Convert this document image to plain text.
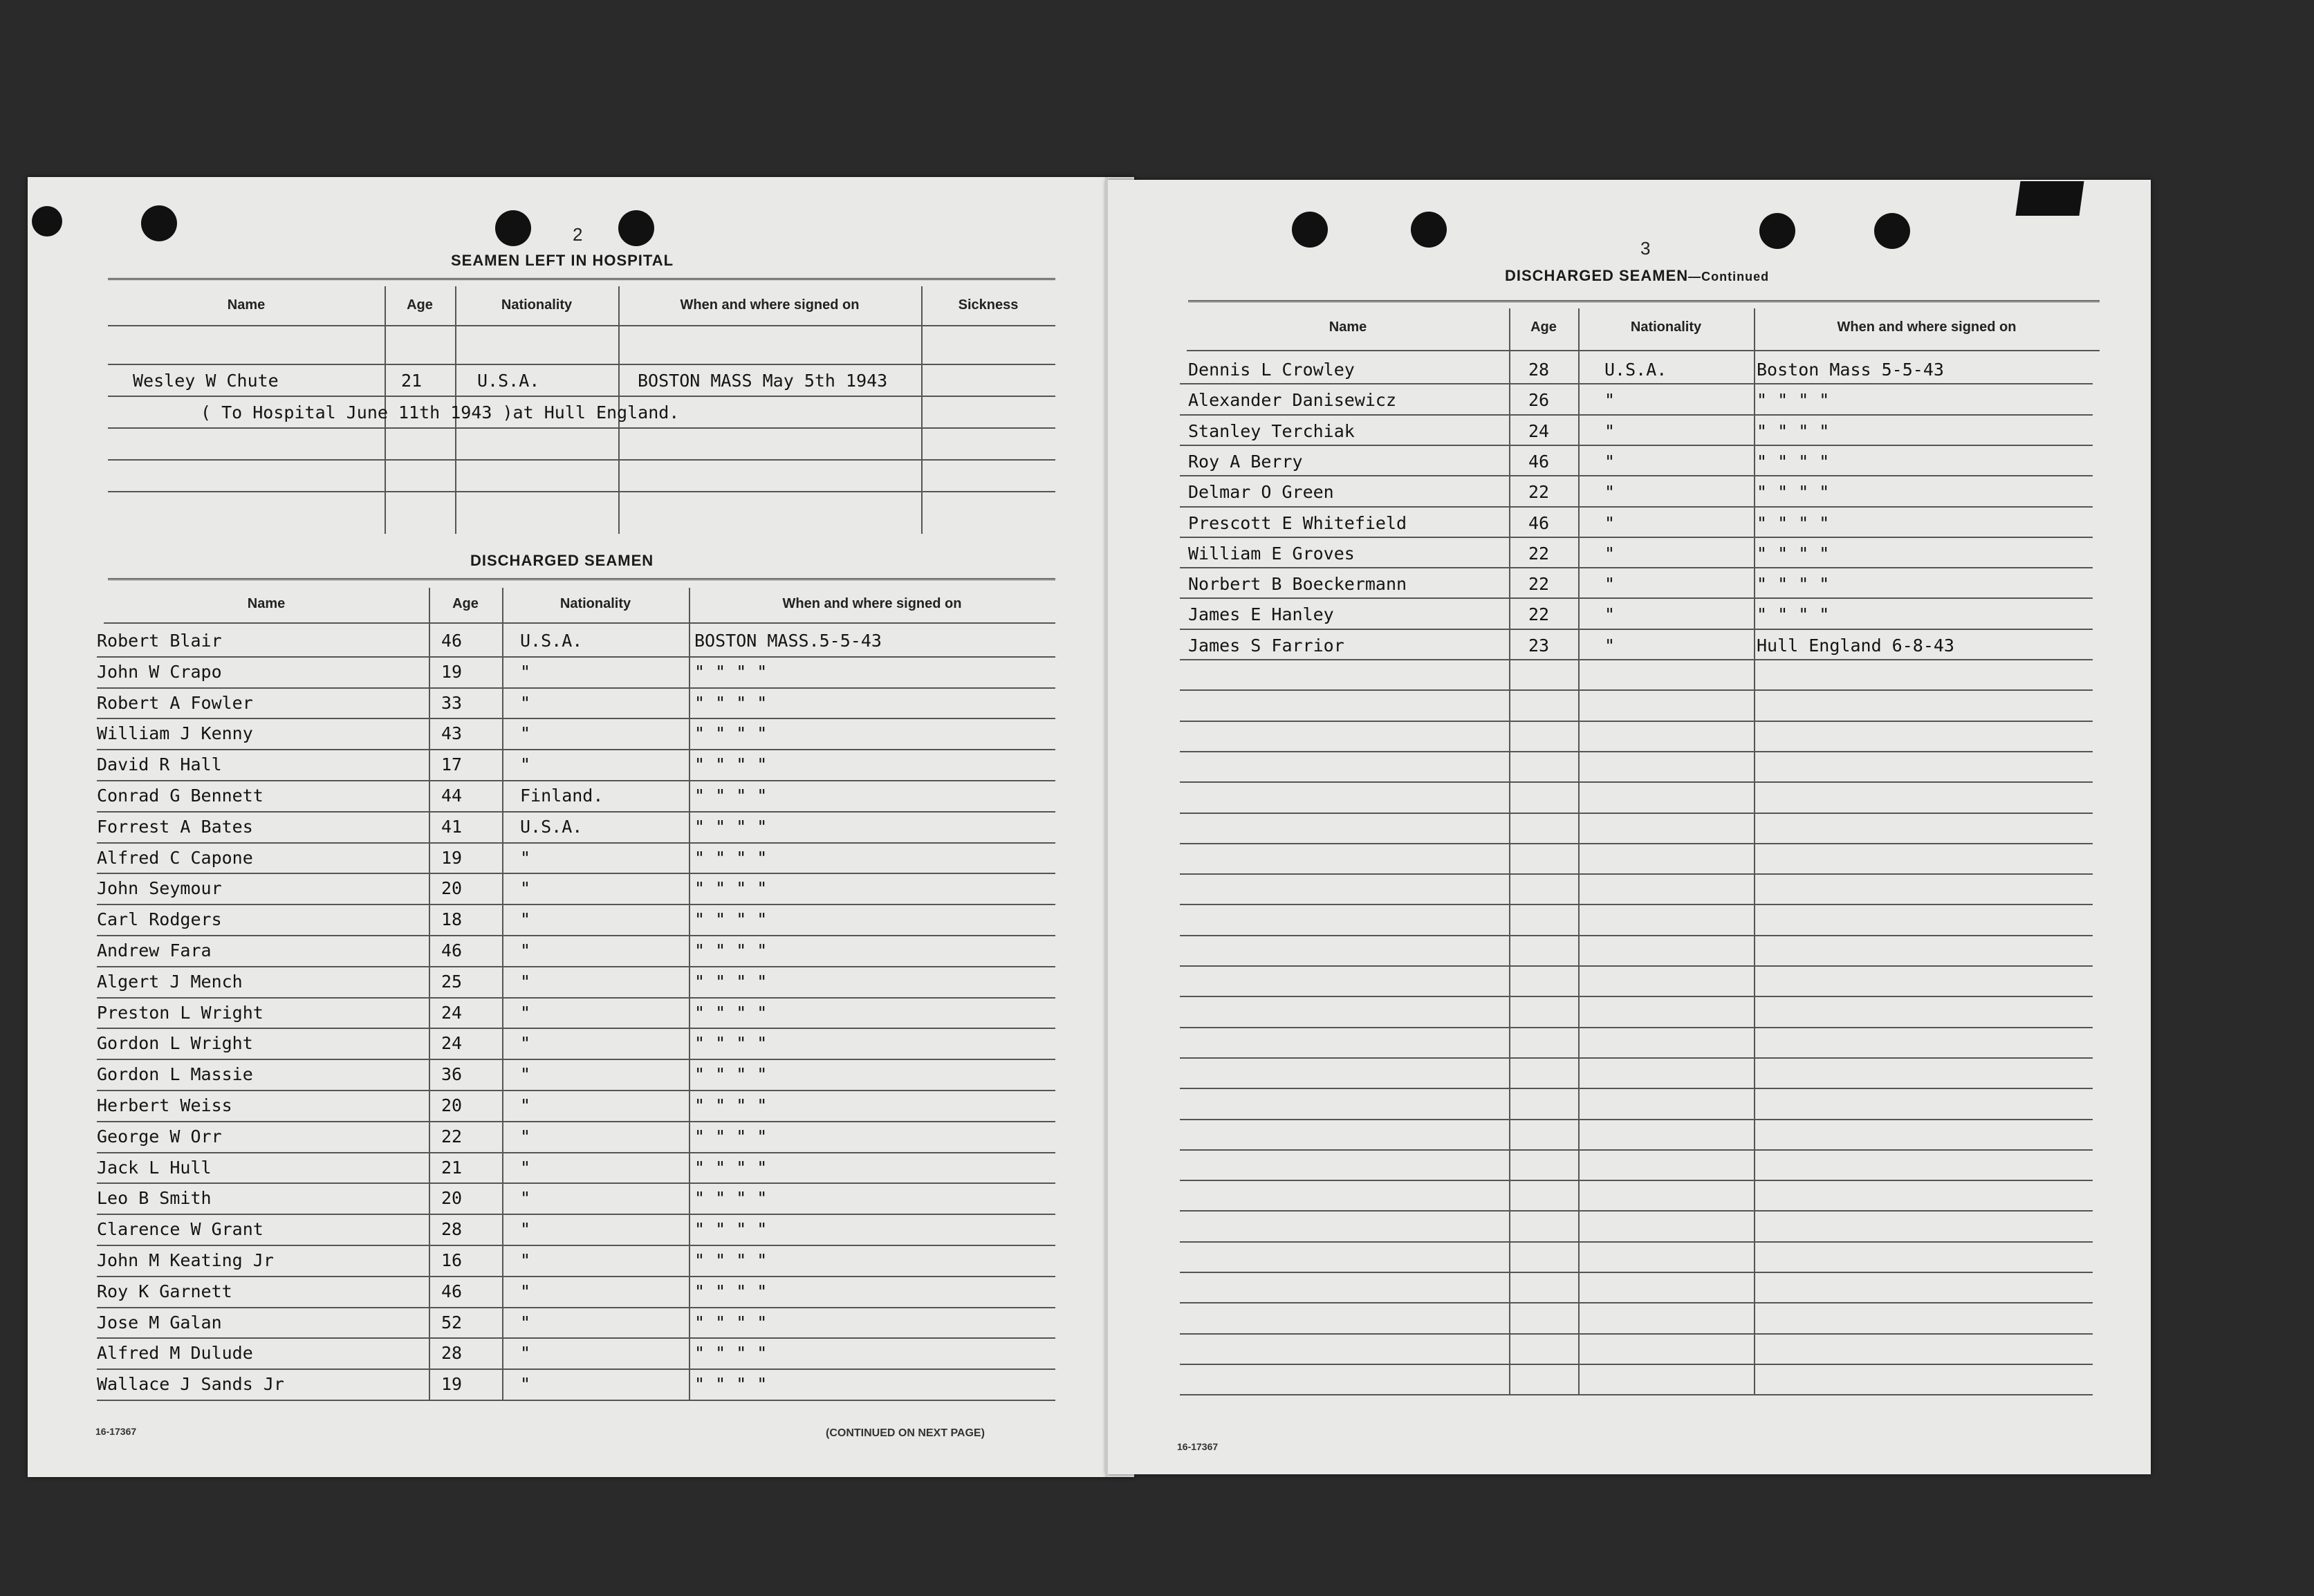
2
SEAMEN LEFT IN HOSPITAL
Name	Age	Nationality	When and where signed on	Sickness
Wesley W Chute	21	U.S.A.	BOSTON MASS May 5th 1943
( To Hospital June 11th 1943 )at Hull England.
DISCHARGED SEAMEN
Name	Age	Nationality	When and where signed on
Robert Blair	46	U.S.A.	BOSTON MASS.5-5-43
John W Crapo	19	"	" " " "
Robert A Fowler	33	"	" " " "
William J Kenny	43	"	" " " "
David R Hall	17	"	" " " "
Conrad G Bennett	44	Finland.	" " " "
Forrest A Bates	41	U.S.A.	" " " "
Alfred C Capone	19	"	" " " "
John Seymour	20	"	" " " "
Carl Rodgers	18	"	" " " "
Andrew Fara	46	"	" " " "
Algert J Mench	25	"	" " " "
Preston L Wright	24	"	" " " "
Gordon L Wright	24	"	" " " "
Gordon L Massie	36	"	" " " "
Herbert Weiss	20	"	" " " "
George W Orr	22	"	" " " "
Jack L Hull	21	"	" " " "
Leo B Smith	20	"	" " " "
Clarence W Grant	28	"	" " " "
John M Keating Jr	16	"	" " " "
Roy K Garnett	46	"	" " " "
Jose M Galan	52	"	" " " "
Alfred M Dulude	28	"	" " " "
Wallace J Sands Jr	19	"	" " " "
16-17367	(CONTINUED ON NEXT PAGE)
3
DISCHARGED SEAMEN—Continued
Name	Age	Nationality	When and where signed on
Dennis L Crowley	28	U.S.A.	Boston Mass 5-5-43
Alexander Danisewicz	26	"	" " " "
Stanley Terchiak	24	"	" " " "
Roy A Berry	46	"	" " " "
Delmar O Green	22	"	" " " "
Prescott E Whitefield	46	"	" " " "
William E Groves	22	"	" " " "
Norbert B Boeckermann	22	"	" " " "
James E Hanley	22	"	" " " "
James S Farrior	23	"	Hull England 6-8-43
16-17367
